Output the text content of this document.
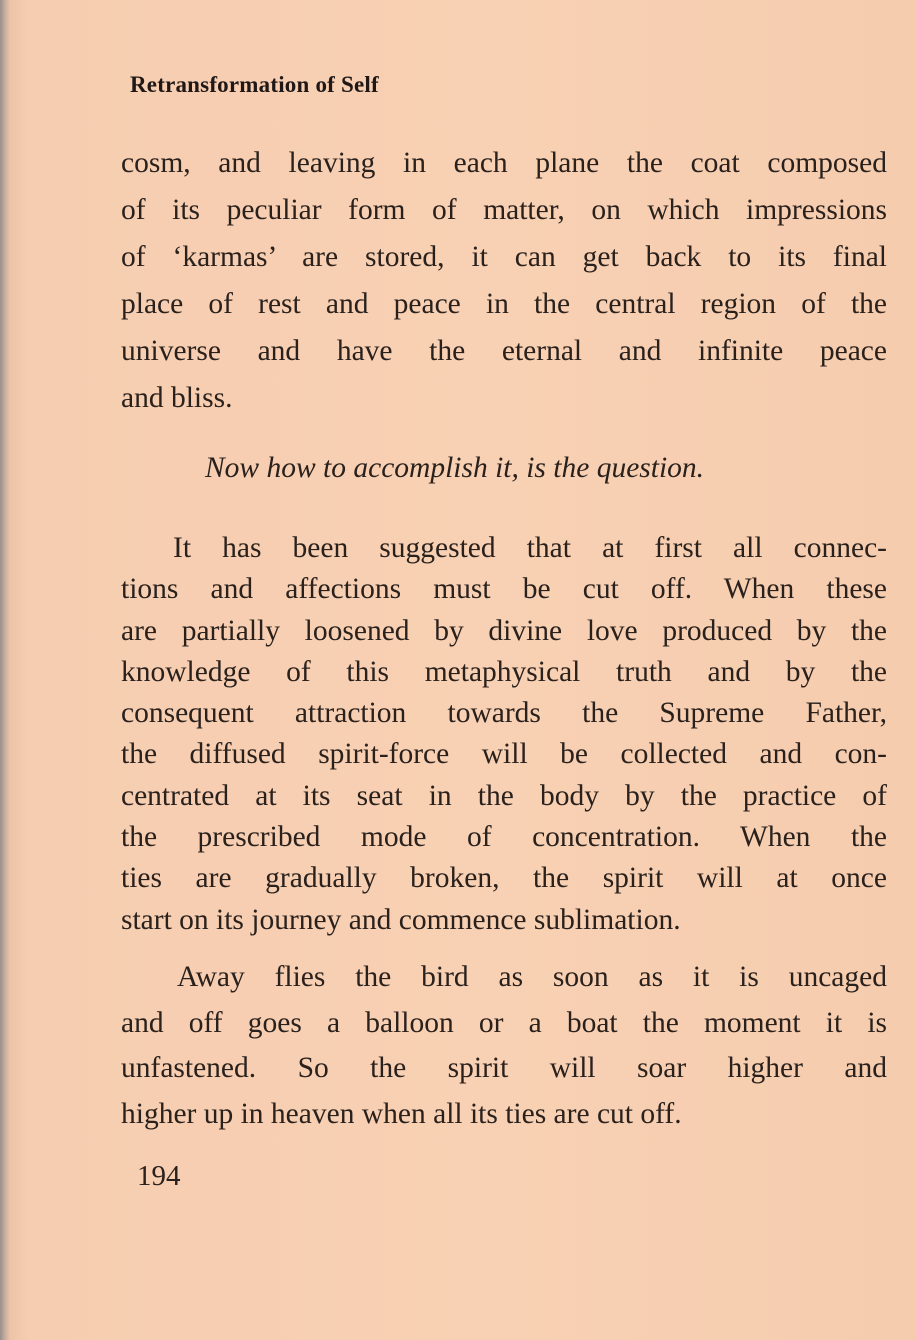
Retransformation of Self
cosm, and leaving in each plane the coat composed
of its peculiar form of matter, on which impressions
of ‘karmas’ are stored, it can get back to its final
place of rest and peace in the central region of the
universe and have the eternal and infinite peace
and bliss.
Now how to accomplish it, is the question.
It has been suggested that at first all connec-
tions and affections must be cut off. When these
are partially loosened by divine love produced by the
knowledge of this metaphysical truth and by the
consequent attraction towards the Supreme Father,
the diffused spirit-force will be collected and con-
centrated at its seat in the body by the practice of
the prescribed mode of concentration. When the
ties are gradually broken, the spirit will at once
start on its journey and commence sublimation.
Away flies the bird as soon as it is uncaged
and off goes a balloon or a boat the moment it is
unfastened. So the spirit will soar higher and
higher up in heaven when all its ties are cut off.
194
